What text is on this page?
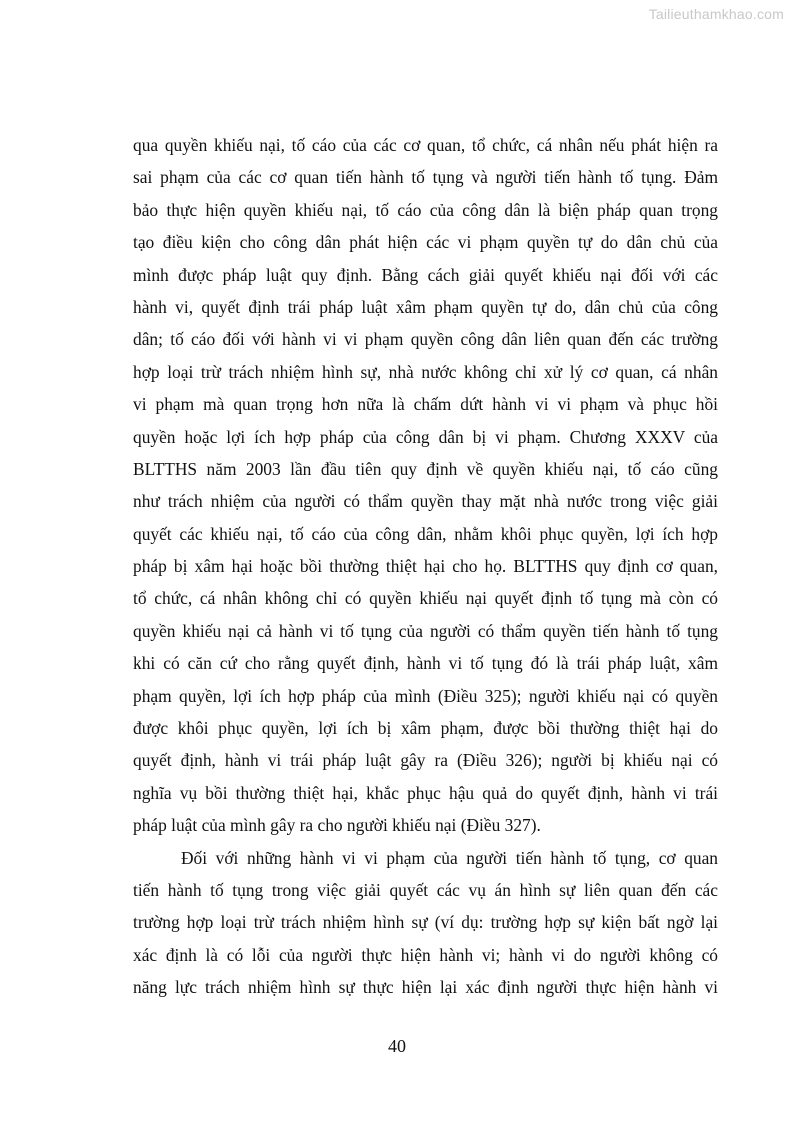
Tailieuthamkhao.com
qua quyền khiếu nại, tố cáo của các cơ quan, tổ chức, cá nhân nếu phát hiện ra
sai phạm của các cơ quan tiến hành tố tụng và người tiến hành tố tụng. Đảm
bảo thực hiện quyền khiếu nại, tố cáo của công dân là biện pháp quan trọng
tạo điều kiện cho công dân phát hiện các vi phạm quyền tự do dân chủ của
mình được pháp luật quy định. Bằng cách giải quyết khiếu nại đối với các
hành vi, quyết định trái pháp luật xâm phạm quyền tự do, dân chủ của công
dân; tố cáo đối với hành vi vi phạm quyền công dân liên quan đến các trường
hợp loại trừ trách nhiệm hình sự, nhà nước không chỉ xử lý cơ quan, cá nhân
vi phạm mà quan trọng hơn nữa là chấm dứt hành vi vi phạm và phục hồi
quyền hoặc lợi ích hợp pháp của công dân bị vi phạm. Chương XXXV của
BLTTHS năm 2003 lần đầu tiên quy định về quyền khiếu nại, tố cáo cũng
như trách nhiệm của người có thẩm quyền thay mặt nhà nước trong việc giải
quyết các khiếu nại, tố cáo của công dân, nhằm khôi phục quyền, lợi ích hợp
pháp bị xâm hại hoặc bồi thường thiệt hại cho họ. BLTTHS quy định cơ quan,
tổ chức, cá nhân không chỉ có quyền khiếu nại quyết định tố tụng mà còn có
quyền khiếu nại cả hành vi tố tụng của người có thẩm quyền tiến hành tố tụng
khi có căn cứ cho rằng quyết định, hành vi tố tụng đó là trái pháp luật, xâm
phạm quyền, lợi ích hợp pháp của mình (Điều 325); người khiếu nại có quyền
được khôi phục quyền, lợi ích bị xâm phạm, được bồi thường thiệt hại do
quyết định, hành vi trái pháp luật gây ra (Điều 326); người bị khiếu nại có
nghĩa vụ bồi thường thiệt hại, khắc phục hậu quả do quyết định, hành vi trái
pháp luật của mình gây ra cho người khiếu nại (Điều 327).
Đối với những hành vi vi phạm của người tiến hành tố tụng, cơ quan
tiến hành tố tụng trong việc giải quyết các vụ án hình sự liên quan đến các
trường hợp loại trừ trách nhiệm hình sự (ví dụ: trường hợp sự kiện bất ngờ lại
xác định là có lỗi của người thực hiện hành vi; hành vi do người không có
năng lực trách nhiệm hình sự thực hiện lại xác định người thực hiện hành vi
40
